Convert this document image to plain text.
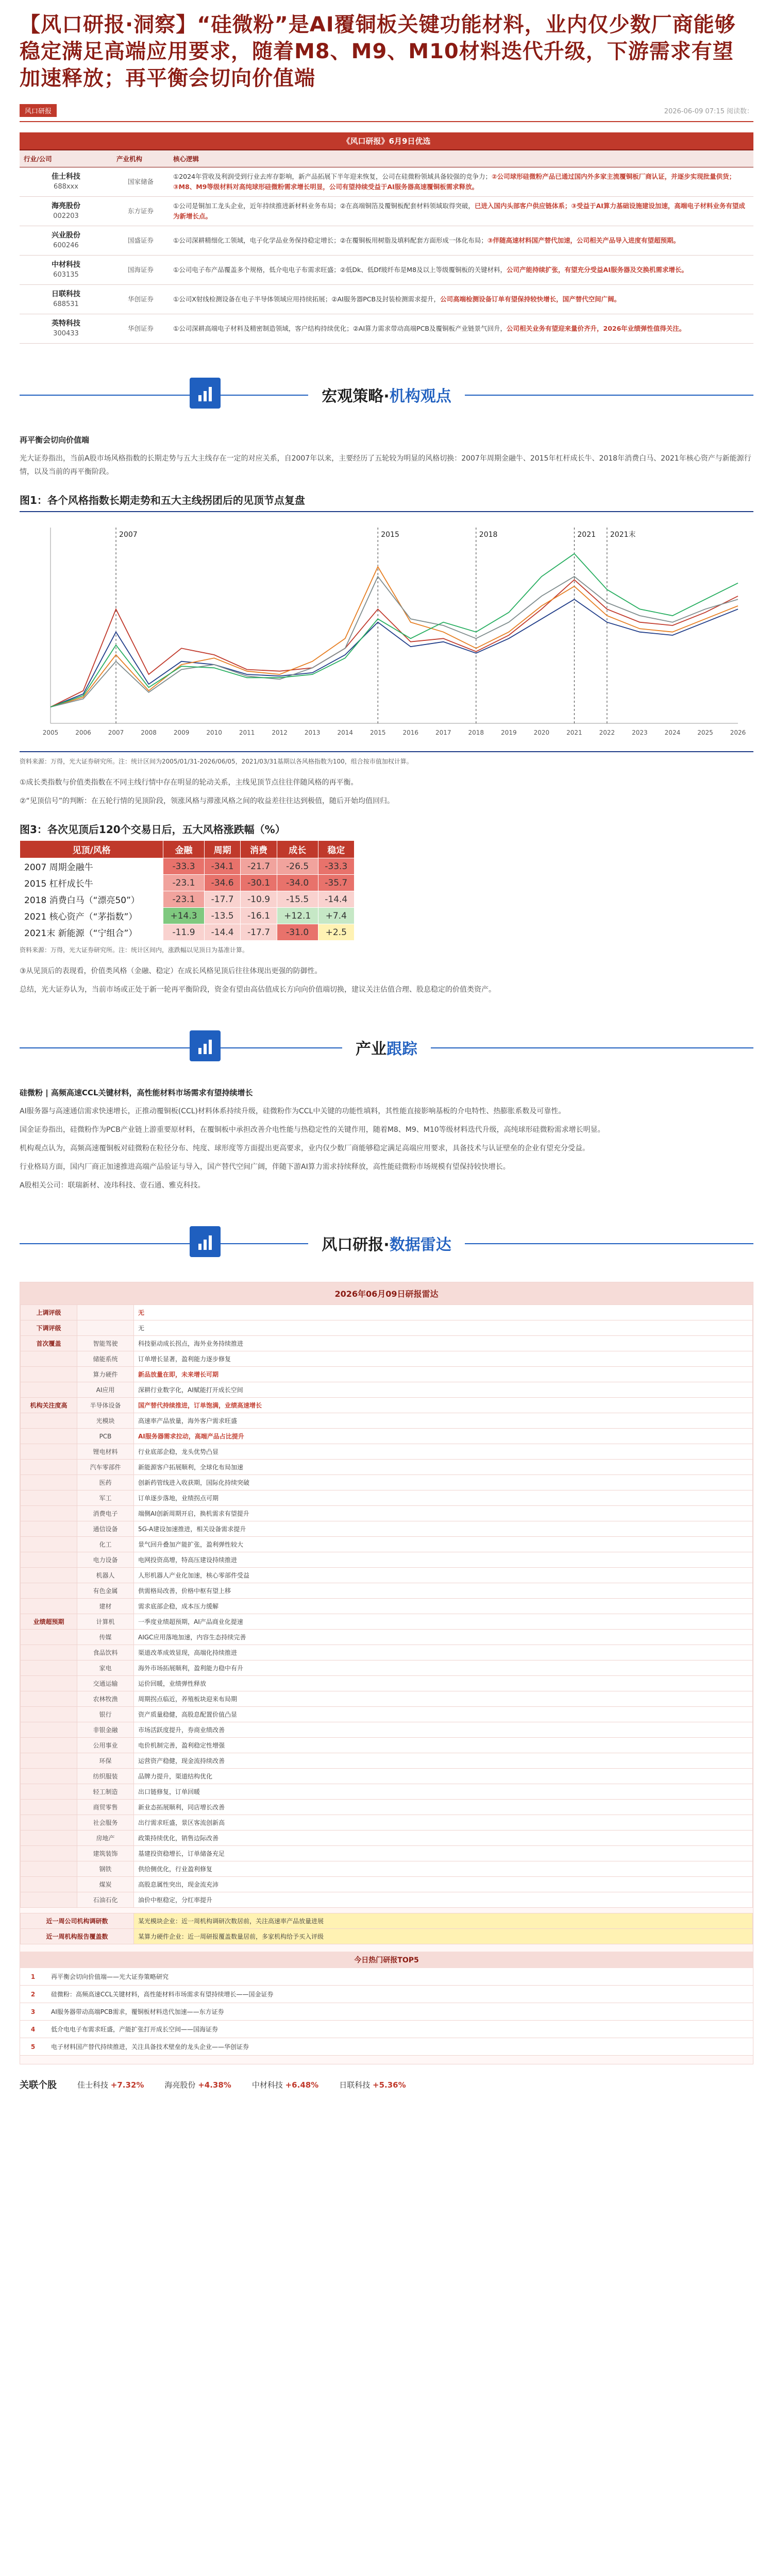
【风口研报·洞察】“硅微粉”是AI覆铜板关键功能材料，业内仅少数厂商能够稳定满足高端应用要求，随着M8、M9、M10材料迭代升级，下游需求有望加速释放；再平衡会切向价值端
风口研报	2026-06-09 07:15 阅读数：
《风口研报》6月9日优选		
行业/公司	产业机构	核心逻辑
佳士科技
688xxx	国家储备	①2024年营收及利润受到行业去库存影响，新产品拓展下半年迎来恢复，公司在硅微粉领域具备较强的竞争力；②公司球形硅微粉产品已通过国内外多家主流覆铜板厂商认证，并逐步实现批量供货；③M8、M9等级材料对高纯球形硅微粉需求增长明显，公司有望持续受益于AI服务器高速覆铜板需求释放。
海亮股份
002203	东方证券	①公司是铜加工龙头企业，近年持续推进新材料业务布局；②在高端铜箔及覆铜板配套材料领域取得突破，已进入国内头部客户供应链体系；③受益于AI算力基础设施建设加速，高端电子材料业务有望成为新增长点。
兴业股份
600246	国盛证券	①公司深耕精细化工领域，电子化学品业务保持稳定增长；②在覆铜板用树脂及填料配套方面形成一体化布局；③伴随高速材料国产替代加速，公司相关产品导入进度有望超预期。
中材科技
603135	国海证券	①公司电子布产品覆盖多个规格，低介电电子布需求旺盛；②低Dk、低Df玻纤布是M8及以上等级覆铜板的关键材料，公司产能持续扩张，有望充分受益AI服务器及交换机需求增长。
日联科技
688531	华创证券	①公司X射线检测设备在电子半导体领域应用持续拓展；②AI服务器PCB及封装检测需求提升，公司高端检测设备订单有望保持较快增长，国产替代空间广阔。
英特科技
300433	华创证券	①公司深耕高端电子材料及精密制造领域，客户结构持续优化；②AI算力需求带动高端PCB及覆铜板产业链景气回升，公司相关业务有望迎来量价齐升，2026年业绩弹性值得关注。
宏观策略·机构观点

再平衡会切向价值端

光大证券指出，当前A股市场风格指数的长期走势与五大主线存在一定的对应关系，自2007年以来，主要经历了五轮较为明显的风格切换：2007年周期金融牛、2015年杠杆成长牛、2018年消费白马、2021年核心资产与新能源行情，以及当前的再平衡阶段。

图1：各个风格指数长期走势和五大主线拐团后的见顶节点复盘
2005	2006	2007	2008	2009	2010	2011	2012	2013	2014	2015	2016	2017	2018	2019	2020	2021	2022	2023	2024	2025	2026
2007	2015	2018	2021 2021末
资料来源：万得，光大证券研究所。注：统计区间为2005/01/31-2026/06/05，2021/03/31基期以各风格指数为100，组合按市值加权计算。

①成长类指数与价值类指数在不同主线行情中存在明显的轮动关系，主线见顶节点往往伴随风格的再平衡。

②“见顶信号”的判断：在五轮行情的见顶阶段，领涨风格与滞涨风格之间的收益差往往达到极值，随后开始均值回归。

图3：各次见顶后120个交易日后，五大风格涨跌幅（%）
见顶/风格	金融	周期	消费	成长	稳定
2007 周期金融牛	-33.3	-34.1	-21.7	-26.5	-33.3
2015 杠杆成长牛	-23.1	-34.6	-30.1	-34.0	-35.7
2018 消费白马（“漂亮50”）	-23.1	-17.7	-10.9	-15.5	-14.4
2021 核心资产（“茅指数”）	+14.3	-13.5	-16.1	+12.1	+7.4
2021末 新能源（“宁组合”）	-11.9	-14.4	-17.7	-31.0	+2.5
资料来源：万得，光大证券研究所。注：统计区间内，涨跌幅以见顶日为基准计算。

③从见顶后的表现看，价值类风格（金融、稳定）在成长风格见顶后往往体现出更强的防御性。

总结，光大证券认为，当前市场或正处于新一轮再平衡阶段，资金有望由高估值成长方向向价值端切换，建议关注估值合理、股息稳定的价值类资产。

产业跟踪

硅微粉 | 高频高速CCL关键材料，高性能材料市场需求有望持续增长

AI服务器与高速通信需求快速增长，正推动覆铜板(CCL)材料体系持续升级，硅微粉作为CCL中关键的功能性填料，其性能直接影响基板的介电特性、热膨胀系数及可靠性。

国金证券指出，硅微粉作为PCB产业链上游重要原材料，在覆铜板中承担改善介电性能与热稳定性的关键作用，随着M8、M9、M10等级材料迭代升级，高纯球形硅微粉需求增长明显。

机构观点认为，高频高速覆铜板对硅微粉在粒径分布、纯度、球形度等方面提出更高要求，业内仅少数厂商能够稳定满足高端应用要求，具备技术与认证壁垒的企业有望充分受益。

行业格局方面，国内厂商正加速推进高端产品验证与导入，国产替代空间广阔，伴随下游AI算力需求持续释放，高性能硅微粉市场规模有望保持较快增长。

A股相关公司：联瑞新材、凌玮科技、壹石通、雅克科技。

风口研报·数据雷达
2026年06月09日研报雷达
上调评级		无
下调评级		无
首次覆盖	智能驾驶	科技驱动成长拐点，海外业务持续推进
	储能系统	订单增长显著，盈利能力逐步修复
	算力硬件	新品放量在即，未来增长可期
	AI应用	深耕行业数字化，AI赋能打开成长空间
机构关注度高	半导体设备	国产替代持续推进，订单饱满，业绩高速增长
	光模块	高速率产品放量，海外客户需求旺盛
	PCB	AI服务器需求拉动，高端产品占比提升
	锂电材料	行业底部企稳，龙头优势凸显
	汽车零部件	新能源客户拓展顺利，全球化布局加速
	医药	创新药管线进入收获期，国际化持续突破
	军工	订单逐步落地，业绩拐点可期
	消费电子	端侧AI创新周期开启，换机需求有望提升
	通信设备	5G-A建设加速推进，相关设备需求提升
	化工	景气回升叠加产能扩张，盈利弹性较大
	电力设备	电网投资高增，特高压建设持续推进
	机器人	人形机器人产业化加速，核心零部件受益
	有色金属	供需格局改善，价格中枢有望上移
	建材	需求底部企稳，成本压力缓解
业绩超预期	计算机	一季度业绩超预期，AI产品商业化提速
	传媒	AIGC应用落地加速，内容生态持续完善
	食品饮料	渠道改革成效显现，高端化持续推进
	家电	海外市场拓展顺利，盈利能力稳中有升
	交通运输	运价回暖，业绩弹性释放
	农林牧渔	周期拐点临近，养殖板块迎来布局期
	银行	资产质量稳健，高股息配置价值凸显
	非银金融	市场活跃度提升，券商业绩改善
	公用事业	电价机制完善，盈利稳定性增强
	环保	运营资产稳健，现金流持续改善
	纺织服装	品牌力提升，渠道结构优化
	轻工制造	出口链修复，订单回暖
	商贸零售	新业态拓展顺利，同店增长改善
	社会服务	出行需求旺盛，景区客流创新高
	房地产	政策持续优化，销售边际改善
	建筑装饰	基建投资稳增长，订单储备充足
	钢铁	供给侧优化，行业盈利修复
	煤炭	高股息属性突出，现金流充沛
	石油石化	油价中枢稳定，分红率提升
近一周公司机构调研数	某光模块企业：近一周机构调研次数居前，关注高速率产品放量进展
近一周机构报告覆盖数	某算力硬件企业：近一周研报覆盖数量居前，多家机构给予买入评级
今日热门研报TOP5
1	再平衡会切向价值端——光大证券策略研究
2	硅微粉：高频高速CCL关键材料，高性能材料市场需求有望持续增长——国金证券
3	AI服务器带动高端PCB需求，覆铜板材料迭代加速——东方证券
4	低介电电子布需求旺盛，产能扩张打开成长空间——国海证券
5	电子材料国产替代持续推进，关注具备技术壁垒的龙头企业——华创证券
关联个股	佳士科技 +7.32%	海亮股份 +4.38%	中材科技 +6.48%	日联科技 +5.36%
